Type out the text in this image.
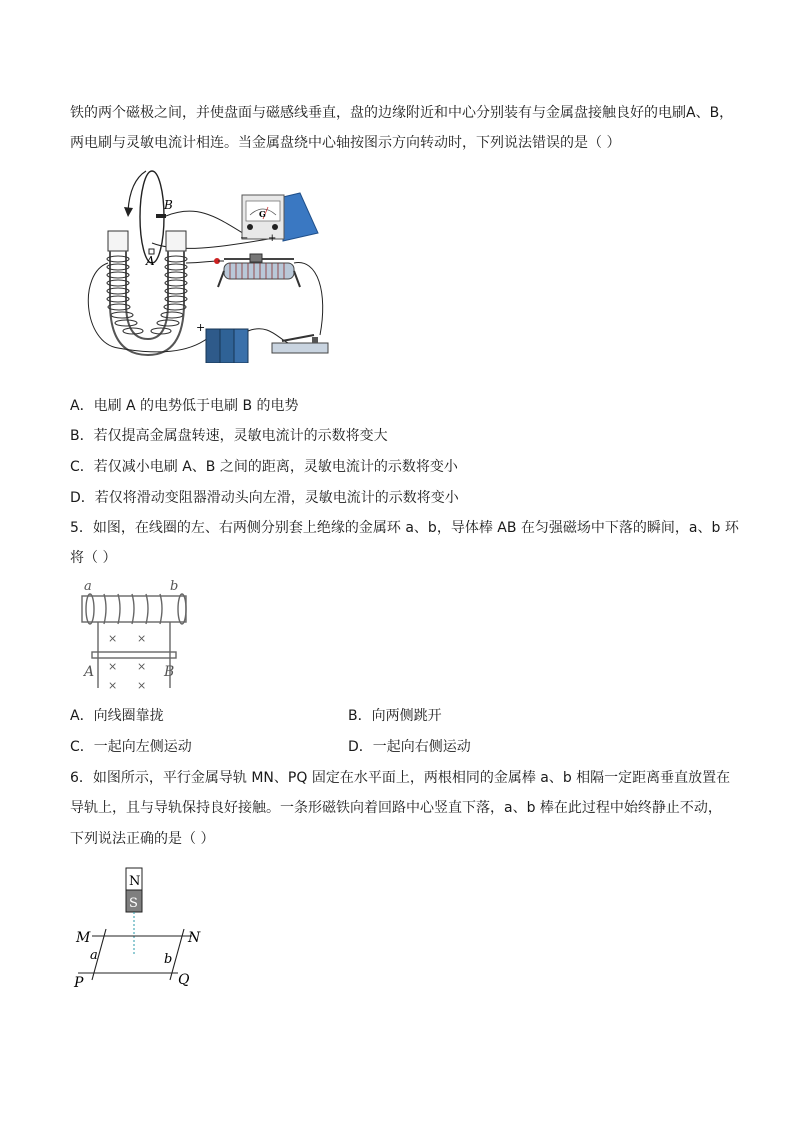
铁的两个磁极之间，并使盘面与磁感线垂直，盘的边缘附近和中心分别装有与金属盘接触良好的电刷A、B，
两电刷与灵敏电流计相连。当金属盘绕中心轴按图示方向转动时，下列说法错误的是（ ）
B
A
G
− +
+
A．电刷 A 的电势低于电刷 B 的电势
B．若仅提高金属盘转速，灵敏电流计的示数将变大
C．若仅减小电刷 A、B 之间的距离，灵敏电流计的示数将变小
D．若仅将滑动变阻器滑动头向左滑，灵敏电流计的示数将变小
5．如图，在线圈的左、右两侧分别套上绝缘的金属环 a、b，导体棒 AB 在匀强磁场中下落的瞬间，a、b 环
将（ ）
a	b
A	B
× ×
× ×
× ×
A．向线圈靠拢	B．向两侧跳开
C．一起向左侧运动	D．一起向右侧运动
6．如图所示，平行金属导轨 MN、PQ 固定在水平面上，两根相同的金属棒 a、b 相隔一定距离垂直放置在
导轨上，且与导轨保持良好接触。一条形磁铁向着回路中心竖直下落，a、b 棒在此过程中始终静止不动，
下列说法正确的是（ ）
N
S
M	N
P	Q
a	b
